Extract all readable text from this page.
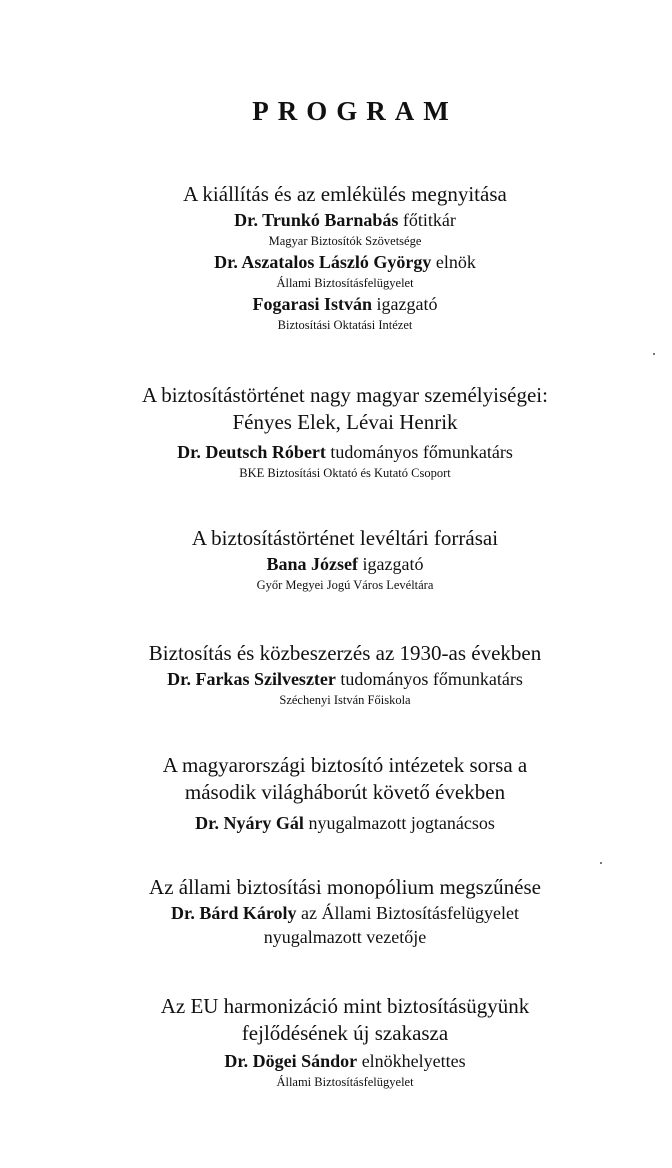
PROGRAM
A kiállítás és az emlékülés megnyitása
Dr. Trunkó Barnabás főtitkár
Magyar Biztosítók Szövetsége
Dr. Aszatalos László György elnök
Állami Biztosításfelügyelet
Fogarasi István igazgató
Biztosítási Oktatási Intézet
A biztosítástörténet nagy magyar személyiségei:
Fényes Elek, Lévai Henrik
Dr. Deutsch Róbert tudományos főmunkatárs
BKE Biztosítási Oktató és Kutató Csoport
A biztosítástörténet levéltári forrásai
Bana József igazgató
Győr Megyei Jogú Város Levéltára
Biztosítás és közbeszerzés az 1930-as években
Dr. Farkas Szilveszter tudományos főmunkatárs
Széchenyi István Főiskola
A magyarországi biztosító intézetek sorsa a
második világháborút követő években
Dr. Nyáry Gál nyugalmazott jogtanácsos
Az állami biztosítási monopólium megszűnése
Dr. Bárd Károly az Állami Biztosításfelügyelet
nyugalmazott vezetője
Az EU harmonizáció mint biztosításügyünk
fejlődésének új szakasza
Dr. Dögei Sándor elnökhelyettes
Állami Biztosításfelügyelet
